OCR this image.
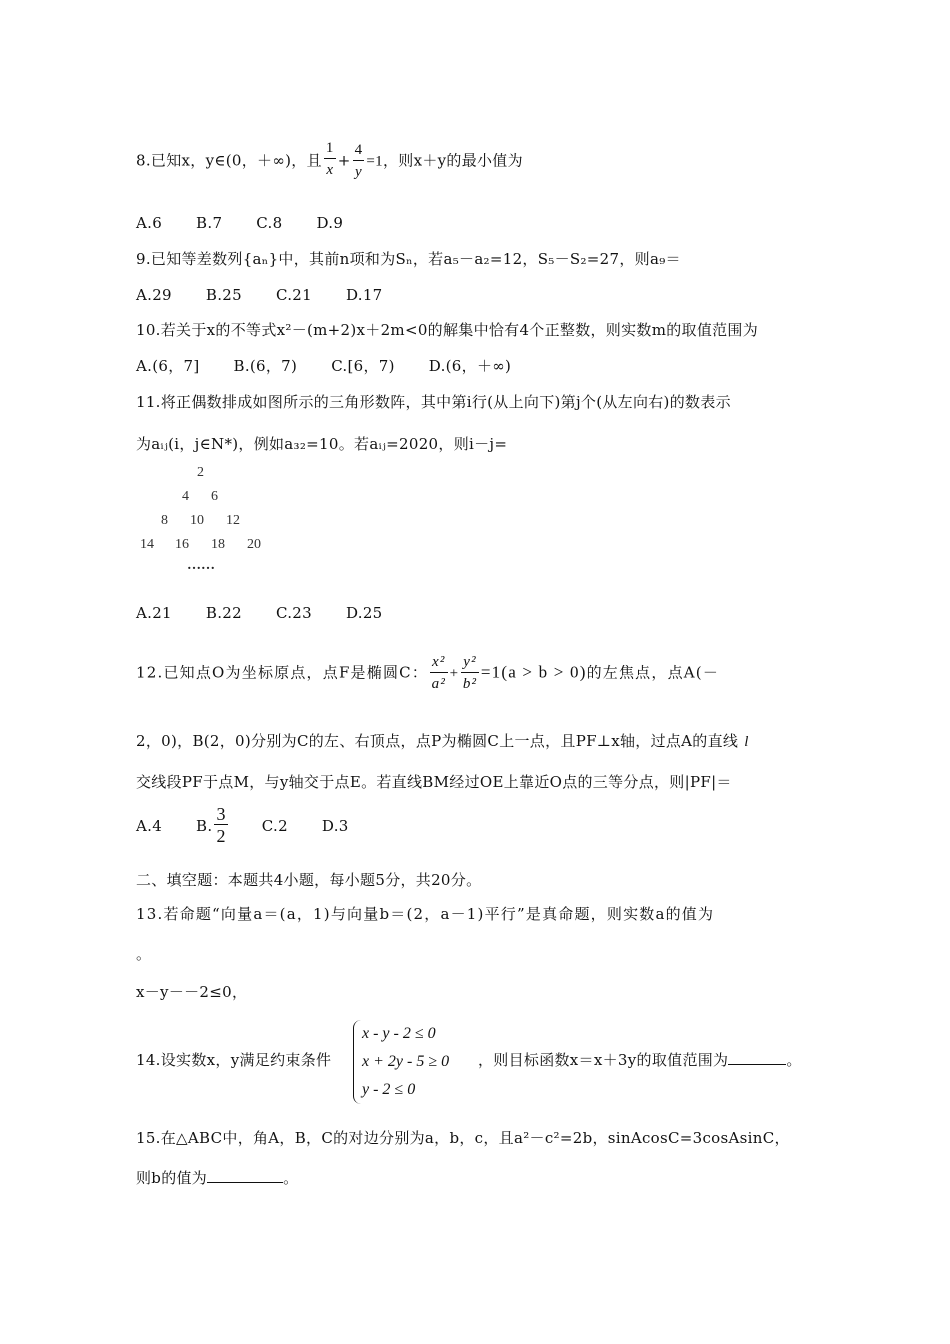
8.已知x，y∈(0，＋∞)，且 $\frac{1}{x} + \frac{4}{y} =1$，则x＋y的最小值为
A.6 B.7 C.8 D.9
9.已知等差数列{aₙ}中，其前n项和为Sₙ，若a₅－a₂=12，S₅－S₂=27，则a₉＝
A.29 B.25 C.21 D.17
10.若关于x的不等式x²－(m+2)x＋2m<0的解集中恰有4个正整数，则实数m的取值范围为
A.(6，7] B.(6，7) C.[6，7) D.(6，＋∞)
11.将正偶数排成如图所示的三角形数阵，其中第i行(从上向下)第j个(从左向右)的数表示
为aᵢⱼ(i，j∈N*)，例如a₃₂=10。若aᵢⱼ=2020，则i－j=
2
4 6
8 10 12
14 16 18 20
……
A.21 B.22 C.23 D.25
12.已知点O为坐标原点，点F是椭圆C： $\frac{\text{x²}}{\text{a²}} + \frac{\text{y²}}{\text{b²}} =1(a > b > 0)$的左焦点，点A(－
2，0)，B(2，0)分别为C的左、右顶点，点P为椭圆C上一点，且PF⊥x轴，过点A的直线 l
交线段PF于点M，与y轴交于点E。若直线BM经过OE上靠近O点的三等分点，则|PF|＝
A.4 B. $\frac{3}{2} C.2$ D.3
二、填空题：本题共4小题，每小题5分，共20分。
13.若命题“向量a＝(a，1)与向量b＝(2，a－1)平行”是真命题，则实数a的值为
。
x－y－－2≤0，
14.设实数x，y满足约束条件
x - y - 2 ≤ 0
x + 2y - 5 ≥ 0
y - 2 ≤ 0
，则目标函数x＝x＋3y的取值范围为	。
15.在△ABC中，角A，B，C的对边分别为a，b，c，且a²－c²=2b，sinAcosC=3cosAsinC，
则b的值为	。
